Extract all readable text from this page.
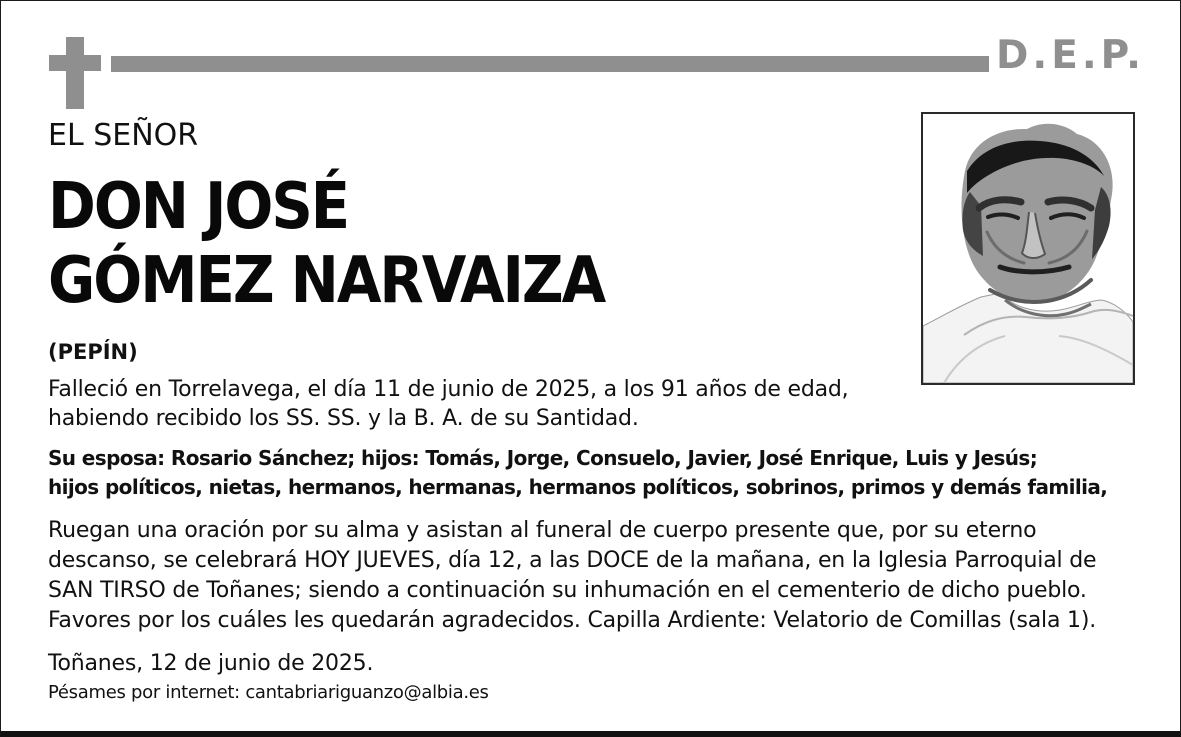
D.E.P.
EL SEÑOR
DON JOSÉ
GÓMEZ NARVAIZA
(PEPÍN)
Falleció en Torrelavega, el día 11 de junio de 2025, a los 91 años de edad,
habiendo recibido los SS. SS. y la B. A. de su Santidad.
Su esposa: Rosario Sánchez; hijos: Tomás, Jorge, Consuelo, Javier, José Enrique, Luis y Jesús;
hijos políticos, nietas, hermanos, hermanas, hermanos políticos, sobrinos, primos y demás familia,
Ruegan una oración por su alma y asistan al funeral de cuerpo presente que, por su eterno
descanso, se celebrará HOY JUEVES, día 12, a las DOCE de la mañana, en la Iglesia Parroquial de
SAN TIRSO de Toñanes; siendo a continuación su inhumación en el cementerio de dicho pueblo.
Favores por los cuáles les quedarán agradecidos. Capilla Ardiente: Velatorio de Comillas (sala 1).
Toñanes, 12 de junio de 2025.
Pésames por internet: cantabriariguanzo@albia.es
